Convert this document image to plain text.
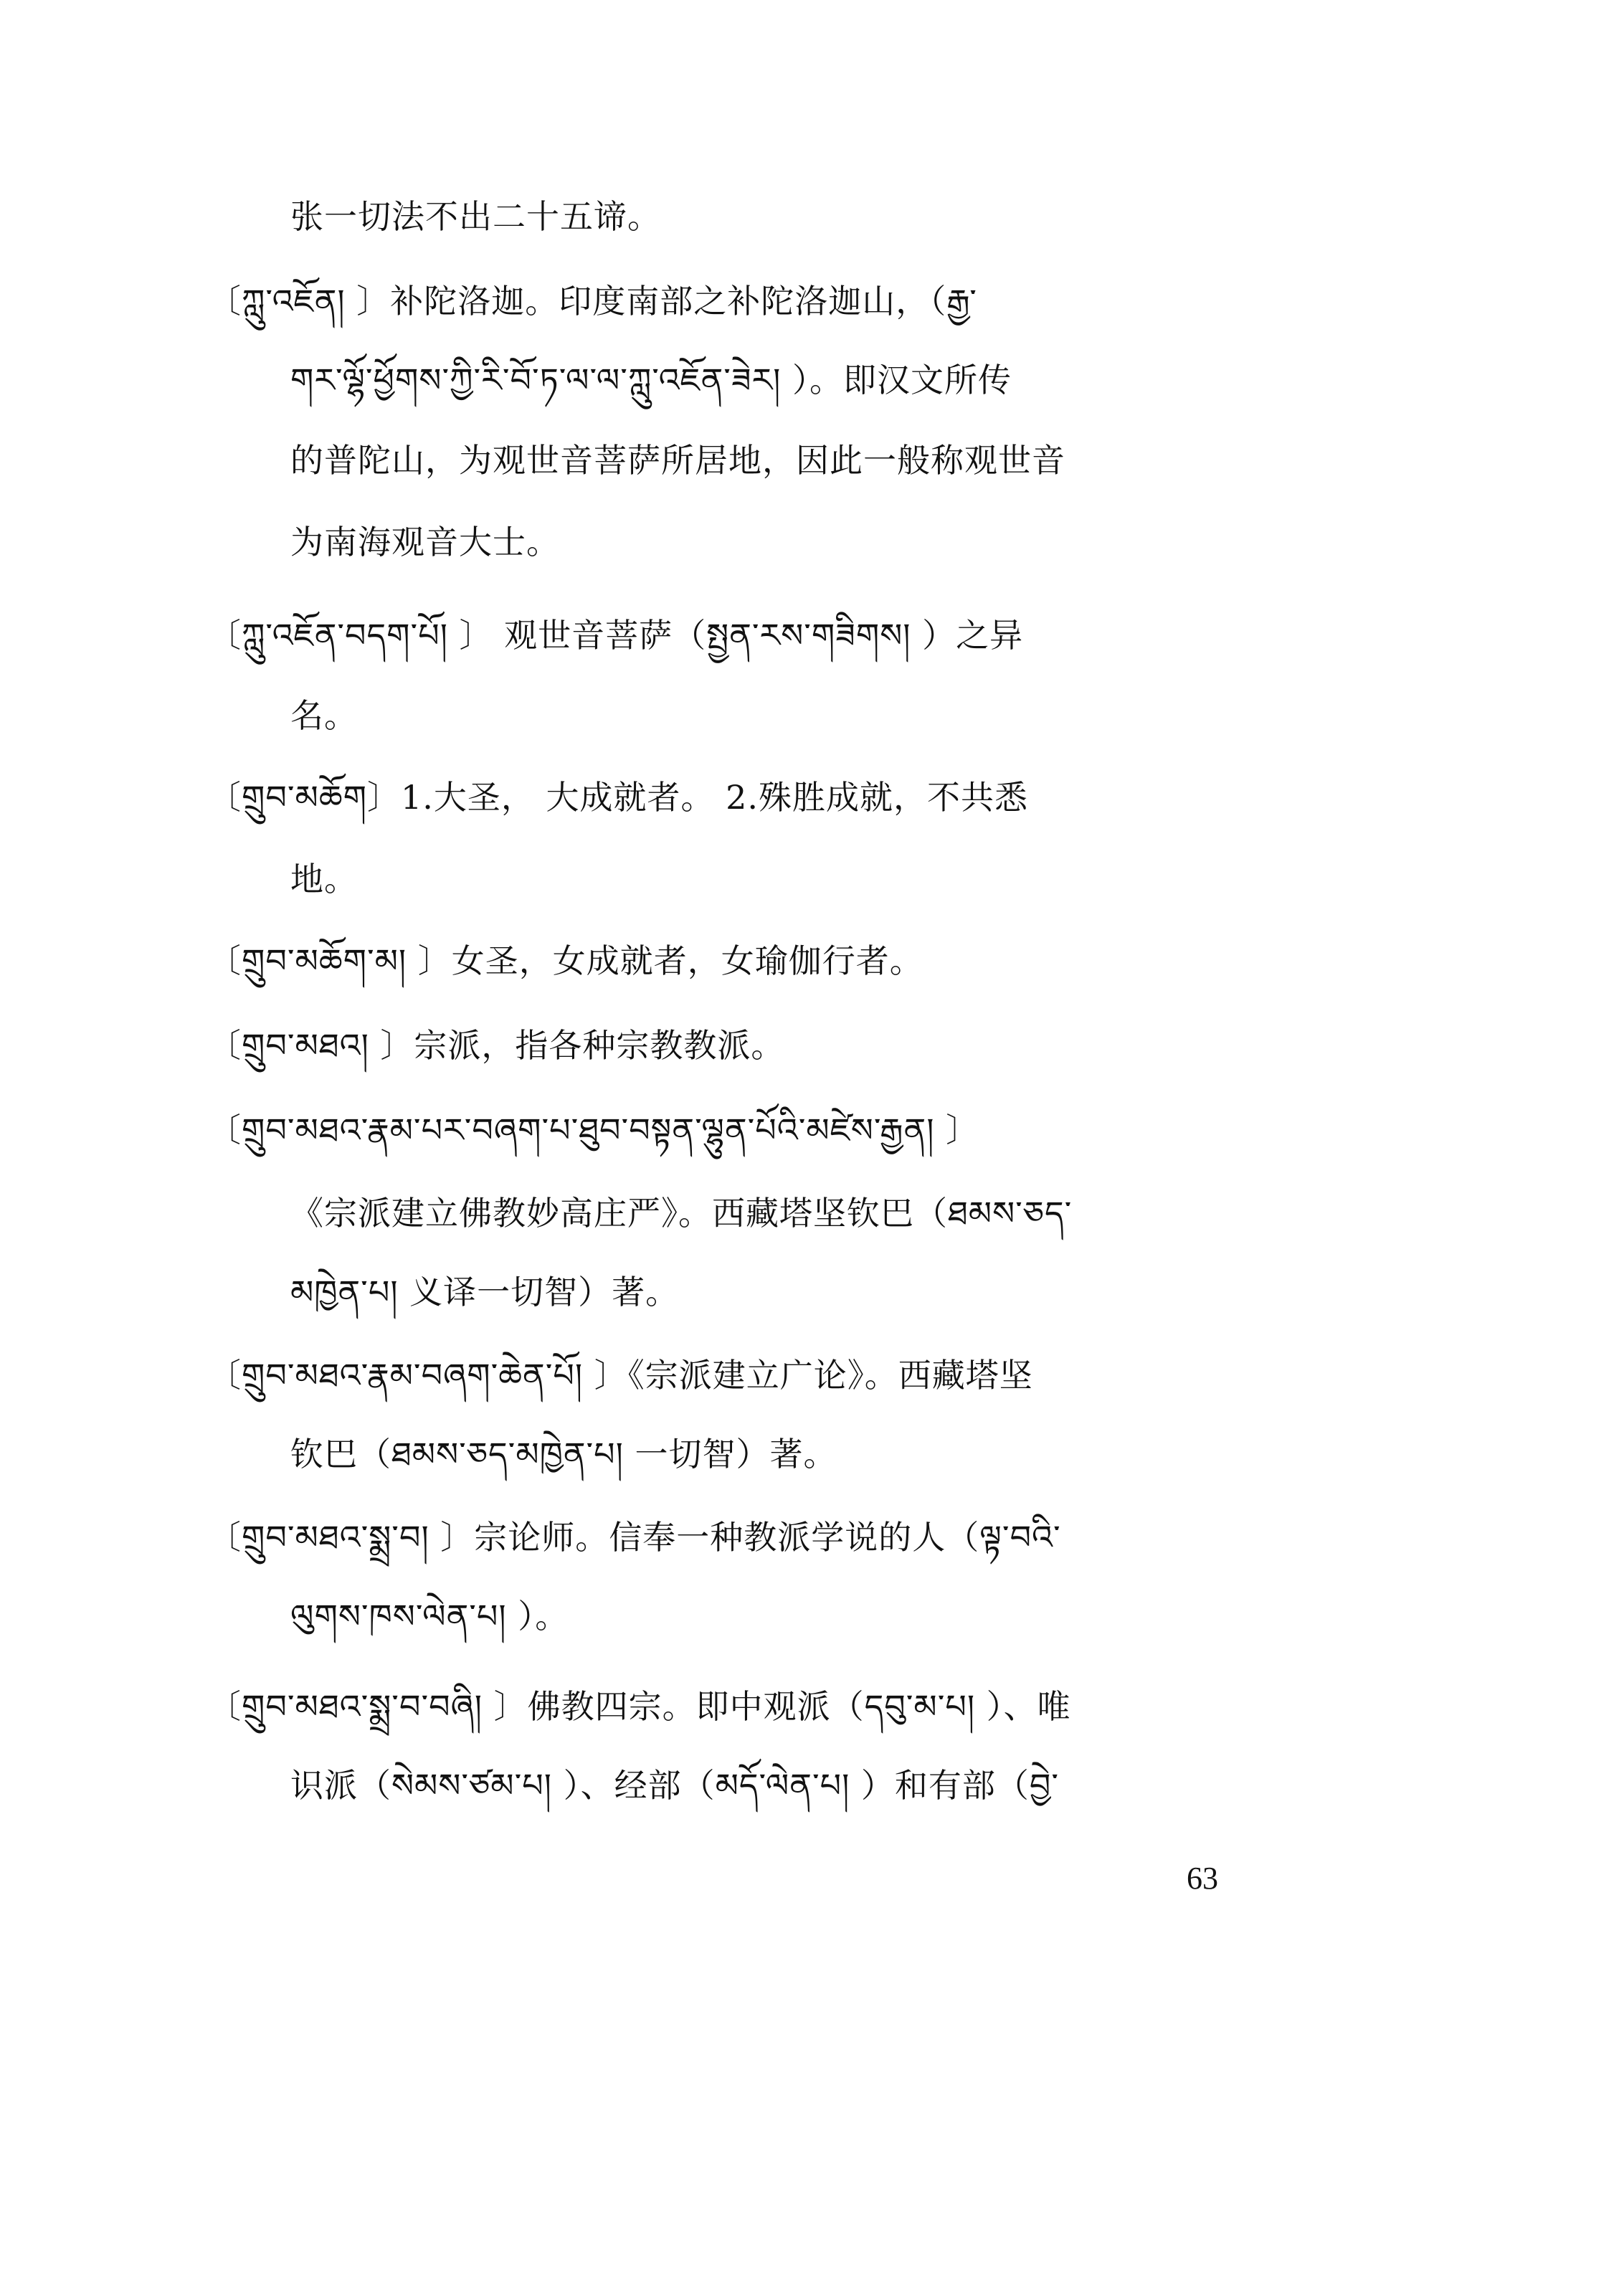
张一切法不出二十五谛。
〔ཀླུ་འཇོན། 〕补陀洛迦。印度南部之补陀洛迦山，（རྒྱ་
གར་ལྷོ་ཕྱོགས་ཀྱི་རི་བོ་ཏ་ལ་ལ་ཀླུ་འཇོན་ཟེར། ）。即汉文所传
的普陀山，为观世音菩萨所居地，因此一般称观世音
为南海观音大士。
〔ཀླུ་འཇོན་བདག་པོ། 〕 观世音菩萨（སྤྱན་རས་གཟིགས། ）之异
名。
〔གྲུབ་མཆོག〕1.大圣， 大成就者。 2.殊胜成就，不共悉
地。
〔གྲུབ་མཆོག་མ། 〕女圣，女成就者，女瑜伽行者。
〔གྲུབ་མཐའ། 〕宗派，指各种宗教教派。
〔གྲུབ་མཐའ་རྣམ་པར་བཞག་པ་ཐུབ་བསྟན་ལྷུན་པོའི་མཛེས་རྒྱན། 〕
《宗派建立佛教妙高庄严》。西藏塔坚钦巴（ཐམས་ཅད་
མཁྱེན་པ། 义译一切智）著。
〔གྲུབ་མཐའ་རྣམ་བཞག་ཆེན་པོ། 〕《宗派建立广论》。西藏塔坚
钦巴（ཐམས་ཅད་མཁྱེན་པ། 一切智）著。
〔གྲུབ་མཐའ་སྨྲ་བ། 〕宗论师。信奉一种教派学说的人（ལྟ་བའི་
ལུགས་ཁས་ལེན་པ། ）。
〔གྲུབ་མཐའ་སྨྲ་བ་བཞི། 〕佛教四宗。即中观派（དབུ་མ་པ། ）、唯
识派（སེམས་ཙམ་པ། ）、经部（མདོ་ལེན་པ། ）和有部（བྱེ་
63
